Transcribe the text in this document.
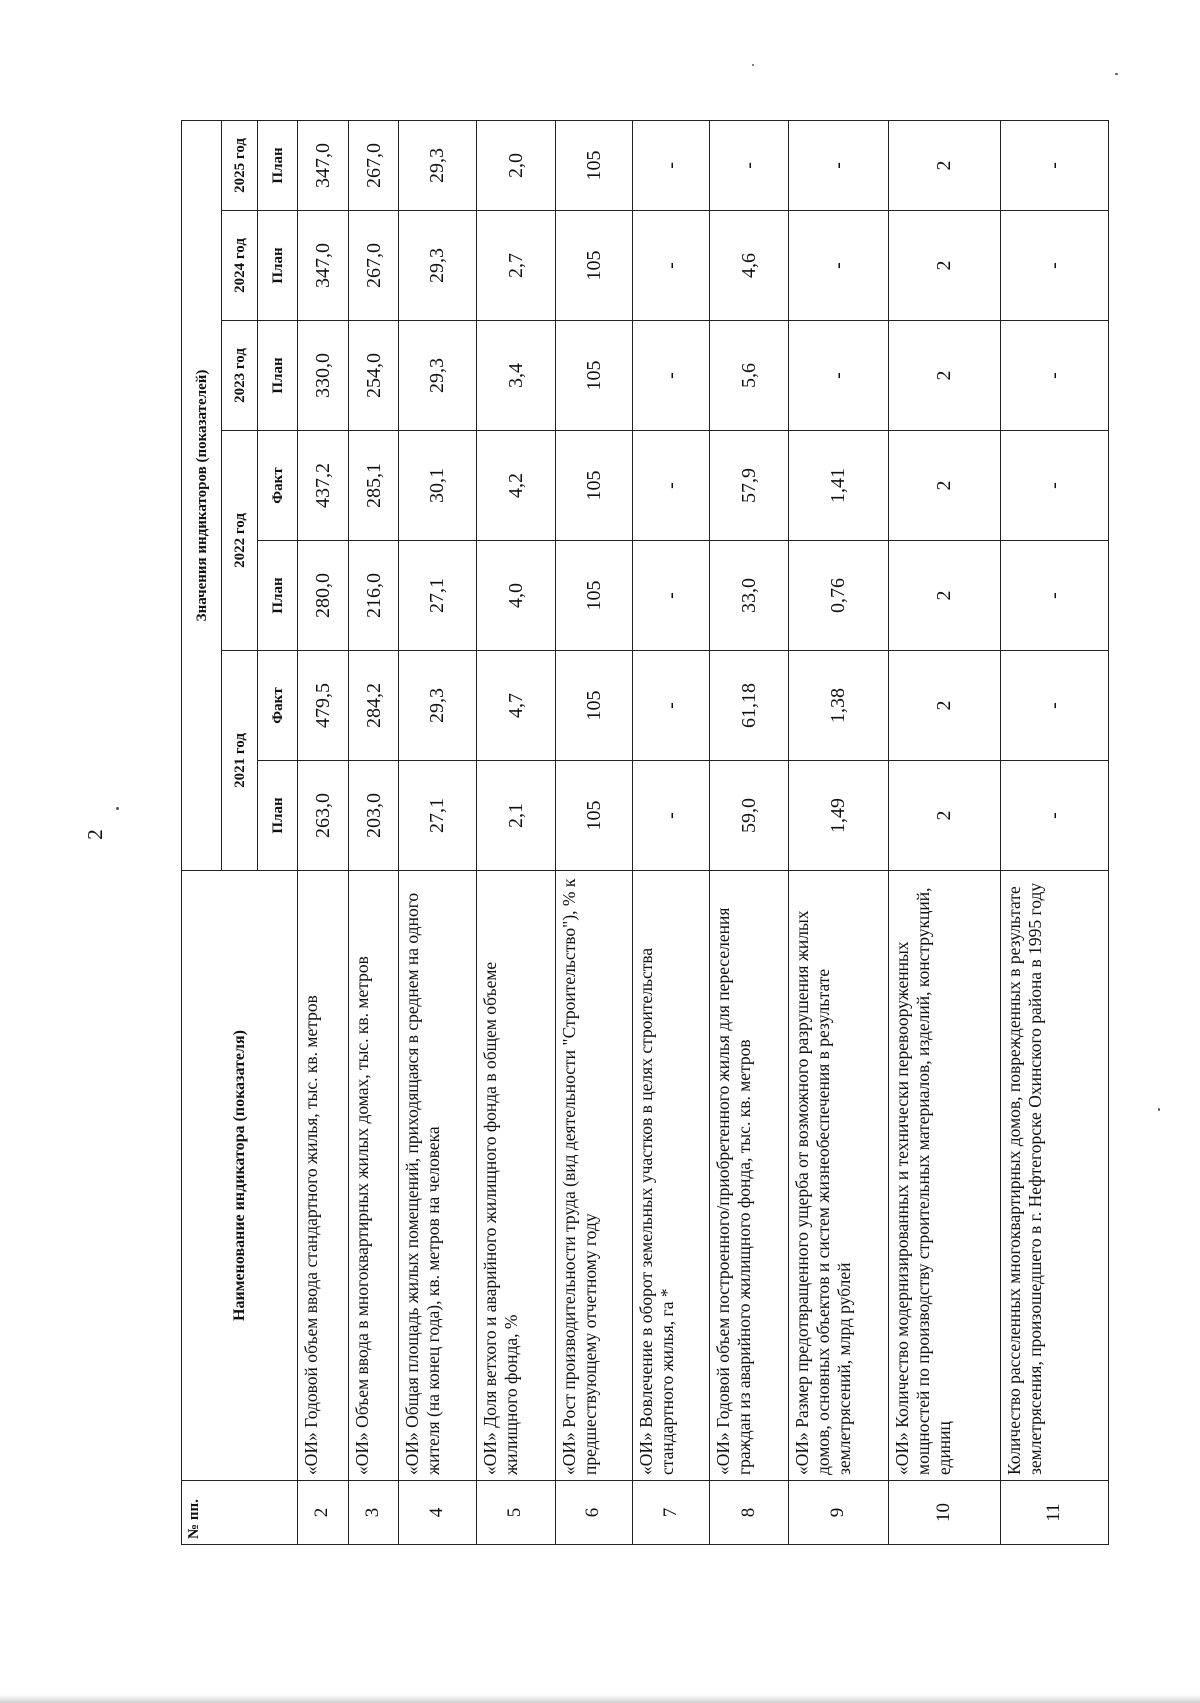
2
№ пп.	Наименование индикатора (показателя)	Значения индикаторов (показателей)						
		2021 год		2022 год		2023 год	2024 год	2025 год
		План	Факт	План	Факт	План	План	План
2	«ОИ» Годовой объем ввода стандартного жилья, тыс. кв. метров	263,0	479,5	280,0	437,2	330,0	347,0	347,0
3	«ОИ» Объем ввода в многоквартирных жилых домах, тыс. кв. метров	203,0	284,2	216,0	285,1	254,0	267,0	267,0
4	«ОИ» Общая площадь жилых помещений, приходящаяся в среднем на одного жителя (на конец года), кв. метров на человека	27,1	29,3	27,1	30,1	29,3	29,3	29,3
5	«ОИ» Доля ветхого и аварийного жилищного фонда в общем объеме жилищного фонда, %	2,1	4,7	4,0	4,2	3,4	2,7	2,0
6	«ОИ» Рост производительности труда (вид деятельности "Строительство"), % к предшествующему отчетному году	105	105	105	105	105	105	105
7	«ОИ» Вовлечение в оборот земельных участков в целях строительства стандартного жилья, га *	-	-	-	-	-	-	-
8	«ОИ» Годовой объем построенного/приобретенного жилья для переселения граждан из аварийного жилищного фонда, тыс. кв. метров	59,0	61,18	33,0	57,9	5,6	4,6	-
9	«ОИ» Размер предотвращенного ущерба от возможного разрушения жилых домов, основных объектов и систем жизнеобеспечения в результате землетрясений, млрд рублей	1,49	1,38	0,76	1,41	-	-	-
10	«ОИ» Количество модернизированных и технически перевооруженных мощностей по производству строительных материалов, изделий, конструкций, единиц	2	2	2	2	2	2	2
11	Количество расселенных многоквартирных домов, поврежденных в результате землетрясения, произошедшего в г. Нефтегорске Охинского района в 1995 году	-	-	-	-	-	-	-
